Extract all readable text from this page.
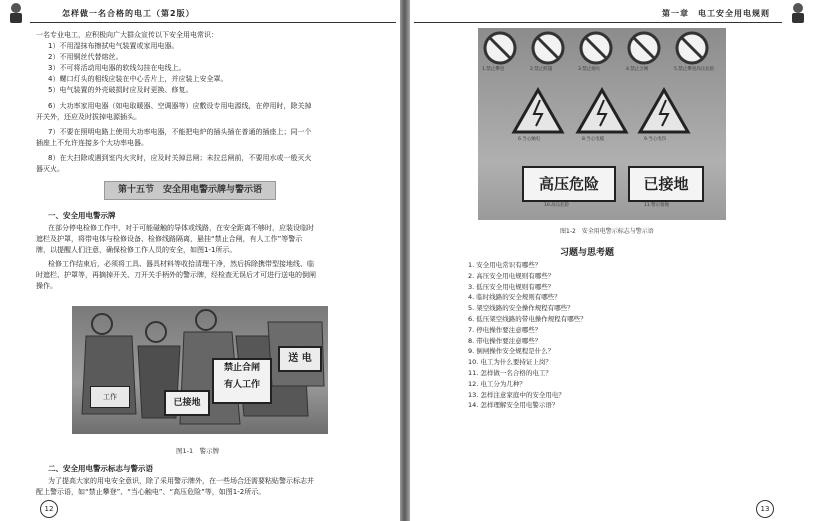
怎样做一名合格的电工（第2版）
一名专业电工，应积极向广大群众宣传以下安全用电常识：
1）不用湿抹布擦拭电气装置或家用电器。
2）不用铜丝代替熔丝。
3）不可将活动用电器的软线勾挂在电线上。
4）螺口灯头的相线应装在中心舌片上，并应装上安全罩。
5）电气装置的外壳破损时应及时更换、修复。
6）大功率家用电器（如电取暖器、空调器等）应敷设专用电源线，在停用时，除关掉
开关外，还应及时拔掉电源插头。
7）不要在照明电路上使用大功率电器，不能把电炉的插头插在普通的插座上；同一个
插座上不允许连接多个大功率电器。
8）在大扫除或遇到室内火灾时，应及时关掉总闸；未拉总闸前，不要用水或一般灭火
器灭火。
第十五节　安全用电警示牌与警示语
一、安全用电警示牌
在部分停电检修工作中，对于可能碰触的导体或线路，在安全距离不够时，应装设临时
遮栏及护罩，将带电体与检修设备、检修线路隔离，悬挂“禁止合闸，有人工作”等警示
牌，以提醒人们注意，确保检修工作人员的安全，如图1-1所示。
检修工作结束后，必须将工具、器具材料等收拾清理干净，然后拆除携带型接地线、临
时遮栏、护罩等，再摘掉开关、刀开关手柄外的警示牌，经检查无误后才可进行送电的倒闸
操作。
工作
已接地
禁止合闸
有人工作
送 电
图1-1　警示牌
二、安全用电警示标志与警示语
为了提高大家的用电安全意识，除了采用警示牌外，在一些场合还需要粘贴警示标志并
配上警示语，如“禁止攀登”、“当心触电”、“高压危险”等，如图1-2所示。
12
第一章　电工安全用电规则
1.禁止攀登	2.禁止跨越	3.禁止烟火	4.禁止合闸	5.禁止攀登高压危险
6.当心触电	8.当心电缆	9.当心电伤
高压危险	已接地
10.高压危险	11.警示接地
图1-2　安全用电警示标志与警示语
习题与思考题
1. 安全用电常识有哪些？
2. 高压安全用电规则有哪些？
3. 低压安全用电规则有哪些？
4. 临时线路的安全规则有哪些？
5. 架空线路的安全操作规程有哪些？
6. 低压架空线路的带电操作规程有哪些？
7. 停电操作要注意哪些？
8. 带电操作要注意哪些？
9. 倒闸操作安全规程是什么？
10. 电工为什么要持证上岗？
11. 怎样做一名合格的电工？
12. 电工分为几种？
13. 怎样注意家庭中的安全用电？
14. 怎样理解安全用电警示语？
13
